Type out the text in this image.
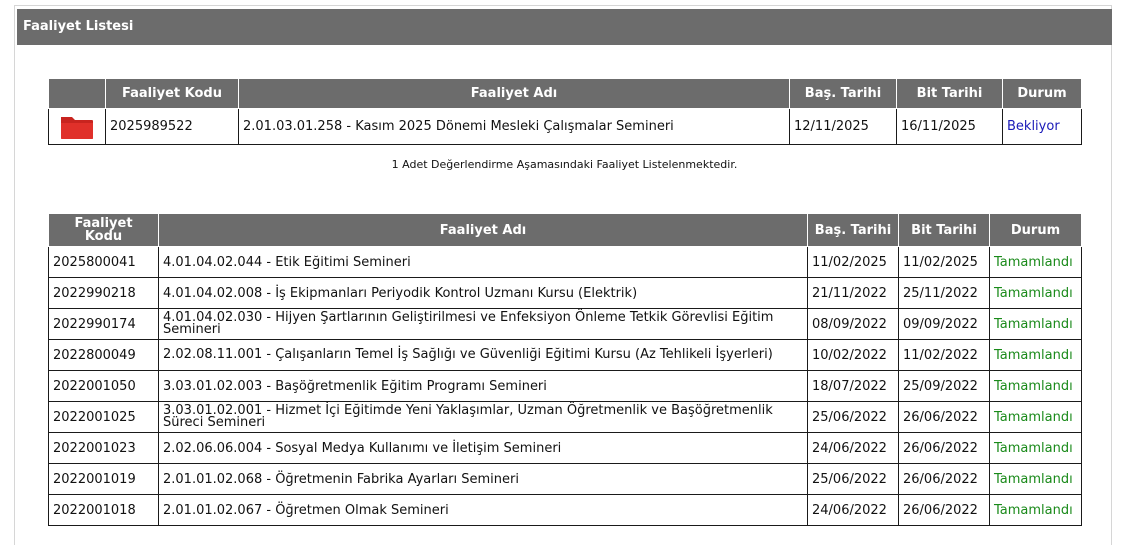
Faaliyet Listesi
	Faaliyet Kodu	Faaliyet Adı	Baş. Tarihi	Bit Tarihi	Durum

	2025989522	2.01.03.01.258 - Kasım 2025 Dönemi Mesleki Çalışmalar Semineri	12/11/2025	16/11/2025	Bekliyor
1 Adet Değerlendirme Aşamasındaki Faaliyet Listelenmektedir.
Faaliyet Kodu	Faaliyet Adı	Baş. Tarihi	Bit Tarihi	Durum
2025800041	4.01.04.02.044 - Etik Eğitimi Semineri	11/02/2025	11/02/2025	Tamamlandı
2022990218	4.01.04.02.008 - İş Ekipmanları Periyodik Kontrol Uzmanı Kursu (Elektrik)	21/11/2022	25/11/2022	Tamamlandı
2022990174	4.01.04.02.030 - Hijyen Şartlarının Geliştirilmesi ve Enfeksiyon Önleme Tetkik Görevlisi Eğitim Semineri	08/09/2022	09/09/2022	Tamamlandı
2022800049	2.02.08.11.001 - Çalışanların Temel İş Sağlığı ve Güvenliği Eğitimi Kursu (Az Tehlikeli İşyerleri)	10/02/2022	11/02/2022	Tamamlandı
2022001050	3.03.01.02.003 - Başöğretmenlik Eğitim Programı Semineri	18/07/2022	25/09/2022	Tamamlandı
2022001025	3.03.01.02.001 - Hizmet İçi Eğitimde Yeni Yaklaşımlar, Uzman Öğretmenlik ve Başöğretmenlik Süreci Semineri	25/06/2022	26/06/2022	Tamamlandı
2022001023	2.02.06.06.004 - Sosyal Medya Kullanımı ve İletişim Semineri	24/06/2022	26/06/2022	Tamamlandı
2022001019	2.01.01.02.068 - Öğretmenin Fabrika Ayarları Semineri	25/06/2022	26/06/2022	Tamamlandı
2022001018	2.01.01.02.067 - Öğretmen Olmak Semineri	24/06/2022	26/06/2022	Tamamlandı
